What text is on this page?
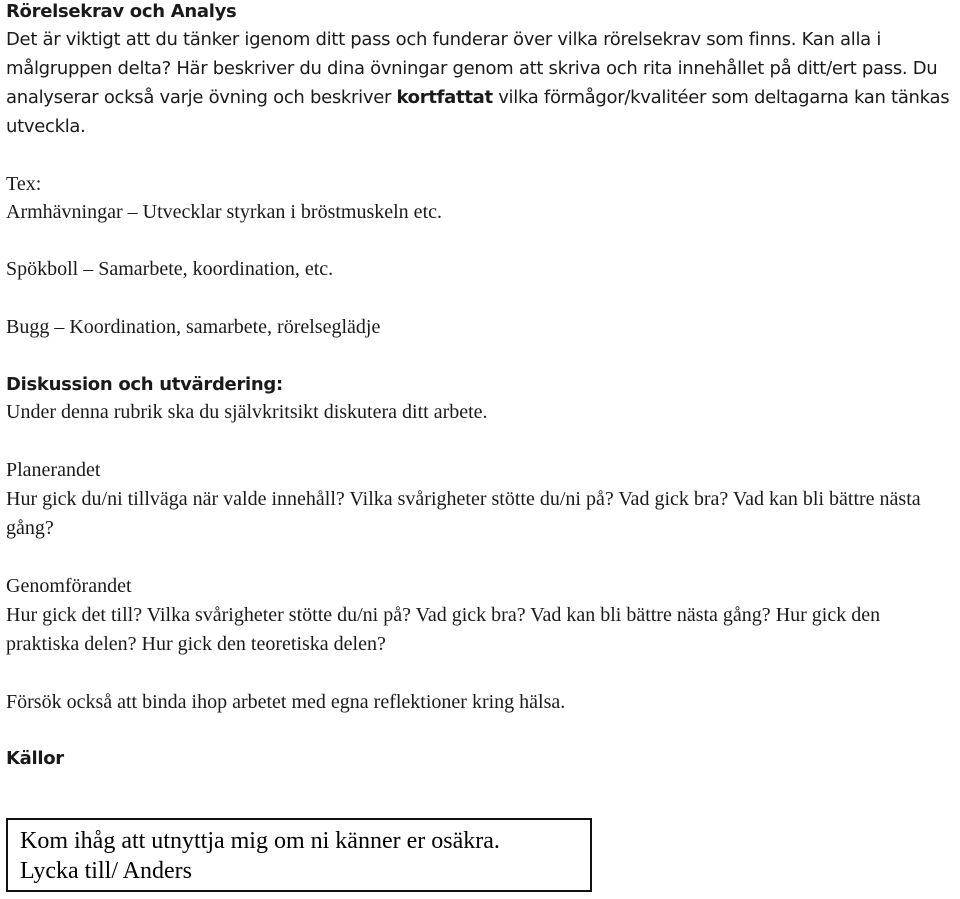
Rörelsekrav och Analys

Det är viktigt att du tänker igenom ditt pass och funderar över vilka rörelsekrav som finns. Kan alla i målgruppen delta? Här beskriver du dina övningar genom att skriva och rita innehållet på ditt/ert pass. Du analyserar också varje övning och beskriver kortfattat vilka förmågor/kvalitéer som deltagarna kan tänkas utveckla.

Tex:

Armhävningar – Utvecklar styrkan i bröstmuskeln etc.

Spökboll – Samarbete, koordination, etc.

Bugg – Koordination, samarbete, rörelseglädje

Diskussion och utvärdering:

Under denna rubrik ska du självkritsikt diskutera ditt arbete.

Planerandet

Hur gick du/ni tillväga när valde innehåll? Vilka svårigheter stötte du/ni på? Vad gick bra? Vad kan bli bättre nästa gång?

Genomförandet

Hur gick det till? Vilka svårigheter stötte du/ni på? Vad gick bra? Vad kan bli bättre nästa gång? Hur gick den praktiska delen? Hur gick den teoretiska delen?

Försök också att binda ihop arbetet med egna reflektioner kring hälsa.

Källor

Kom ihåg att utnyttja mig om ni känner er osäkra.
Lycka till/ Anders
